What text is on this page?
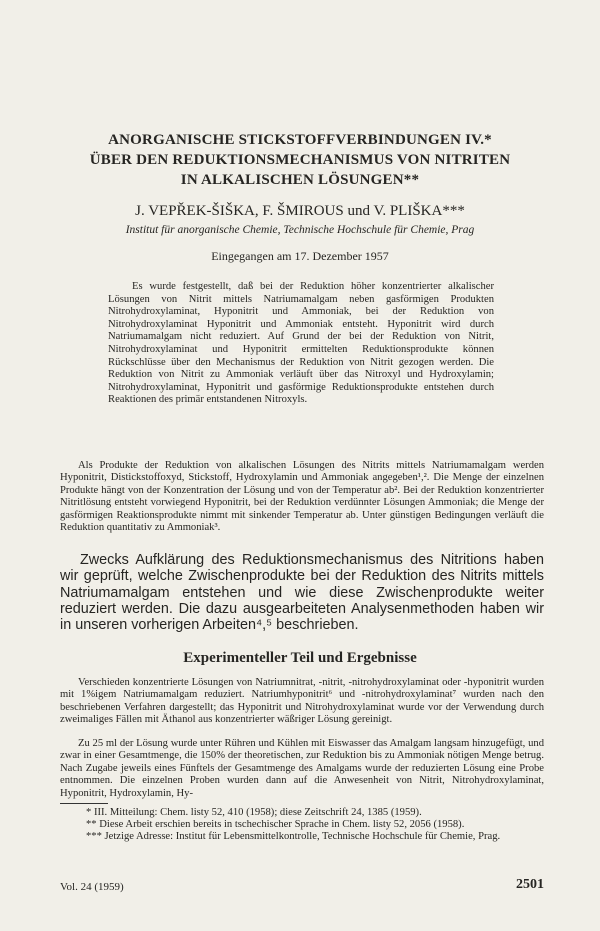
ANORGANISCHE STICKSTOFFVERBINDUNGEN IV.*
ÜBER DEN REDUKTIONSMECHANISMUS VON NITRITEN
IN ALKALISCHEN LÖSUNGEN**
J. VEPŘEK-ŠIŠKA, F. ŠMIROUS und V. PLIŠKA***
Institut für anorganische Chemie, Technische Hochschule für Chemie, Prag
Eingegangen am 17. Dezember 1957
Es wurde festgestellt, daß bei der Reduktion höher konzentrierter alkalischer Lösungen von Nitrit mittels Natriumamalgam neben gasförmigen Produkten Nitrohydroxylaminat, Hyponitrit und Ammoniak, bei der Reduktion von Nitrohydroxylaminat Hyponitrit und Ammoniak entsteht. Hyponitrit wird durch Natriumamalgam nicht reduziert. Auf Grund der bei der Reduktion von Nitrit, Nitrohydroxylaminat und Hyponitrit ermittelten Reduktionsprodukte können Rückschlüsse über den Mechanismus der Reduktion von Nitrit gezogen werden. Die Reduktion von Nitrit zu Ammoniak verläuft über das Nitroxyl und Hydroxylamin; Nitrohydroxylaminat, Hyponitrit und gasförmige Reduktionsprodukte entstehen durch Reaktionen des primär entstandenen Nitroxyls.
Als Produkte der Reduktion von alkalischen Lösungen des Nitrits mittels Natriumamalgam werden Hyponitrit, Distickstoffoxyd, Stickstoff, Hydroxylamin und Ammoniak angegeben¹,². Die Menge der einzelnen Produkte hängt von der Konzentration der Lösung und von der Temperatur ab². Bei der Reduktion konzentrierter Nitritlösung entsteht vorwiegend Hyponitrit, bei der Reduktion verdünnter Lösungen Ammoniak; die Menge der gasförmigen Reaktionsprodukte nimmt mit sinkender Temperatur ab. Unter günstigen Bedingungen verläuft die Reduktion quantitativ zu Ammoniak³.
Zwecks Aufklärung des Reduktionsmechanismus des Nitritions haben wir geprüft, welche Zwischenprodukte bei der Reduktion des Nitrits mittels Natriumamalgam entstehen und wie diese Zwischenprodukte weiter reduziert werden. Die dazu ausgearbeiteten Analysenmethoden haben wir in unseren vorherigen Arbeiten⁴,⁵ beschrieben.
Experimenteller Teil und Ergebnisse
Verschieden konzentrierte Lösungen von Natriumnitrat, -nitrit, -nitrohydroxylaminat oder -hyponitrit wurden mit 1%igem Natriumamalgam reduziert. Natriumhyponitrit⁶ und -nitrohydroxylaminat⁷ wurden nach den beschriebenen Verfahren dargestellt; das Hyponitrit und Nitrohydroxylaminat wurde vor der Verwendung durch zweimaliges Fällen mit Äthanol aus konzentrierter wäßriger Lösung gereinigt.
Zu 25 ml der Lösung wurde unter Rühren und Kühlen mit Eiswasser das Amalgam langsam hinzugefügt, und zwar in einer Gesamtmenge, die 150% der theoretischen, zur Reduktion bis zu Ammoniak nötigen Menge betrug. Nach Zugabe jeweils eines Fünftels der Gesamtmenge des Amalgams wurde der reduzierten Lösung eine Probe entnommen. Die einzelnen Proben wurden dann auf die Anwesenheit von Nitrit, Nitrohydroxylaminat, Hyponitrit, Hydroxylamin, Hy-
* III. Mitteilung: Chem. listy 52, 410 (1958); diese Zeitschrift 24, 1385 (1959).
** Diese Arbeit erschien bereits in tschechischer Sprache in Chem. listy 52, 2056 (1958).
*** Jetzige Adresse: Institut für Lebensmittelkontrolle, Technische Hochschule für Chemie, Prag.
Vol. 24 (1959)	2501
